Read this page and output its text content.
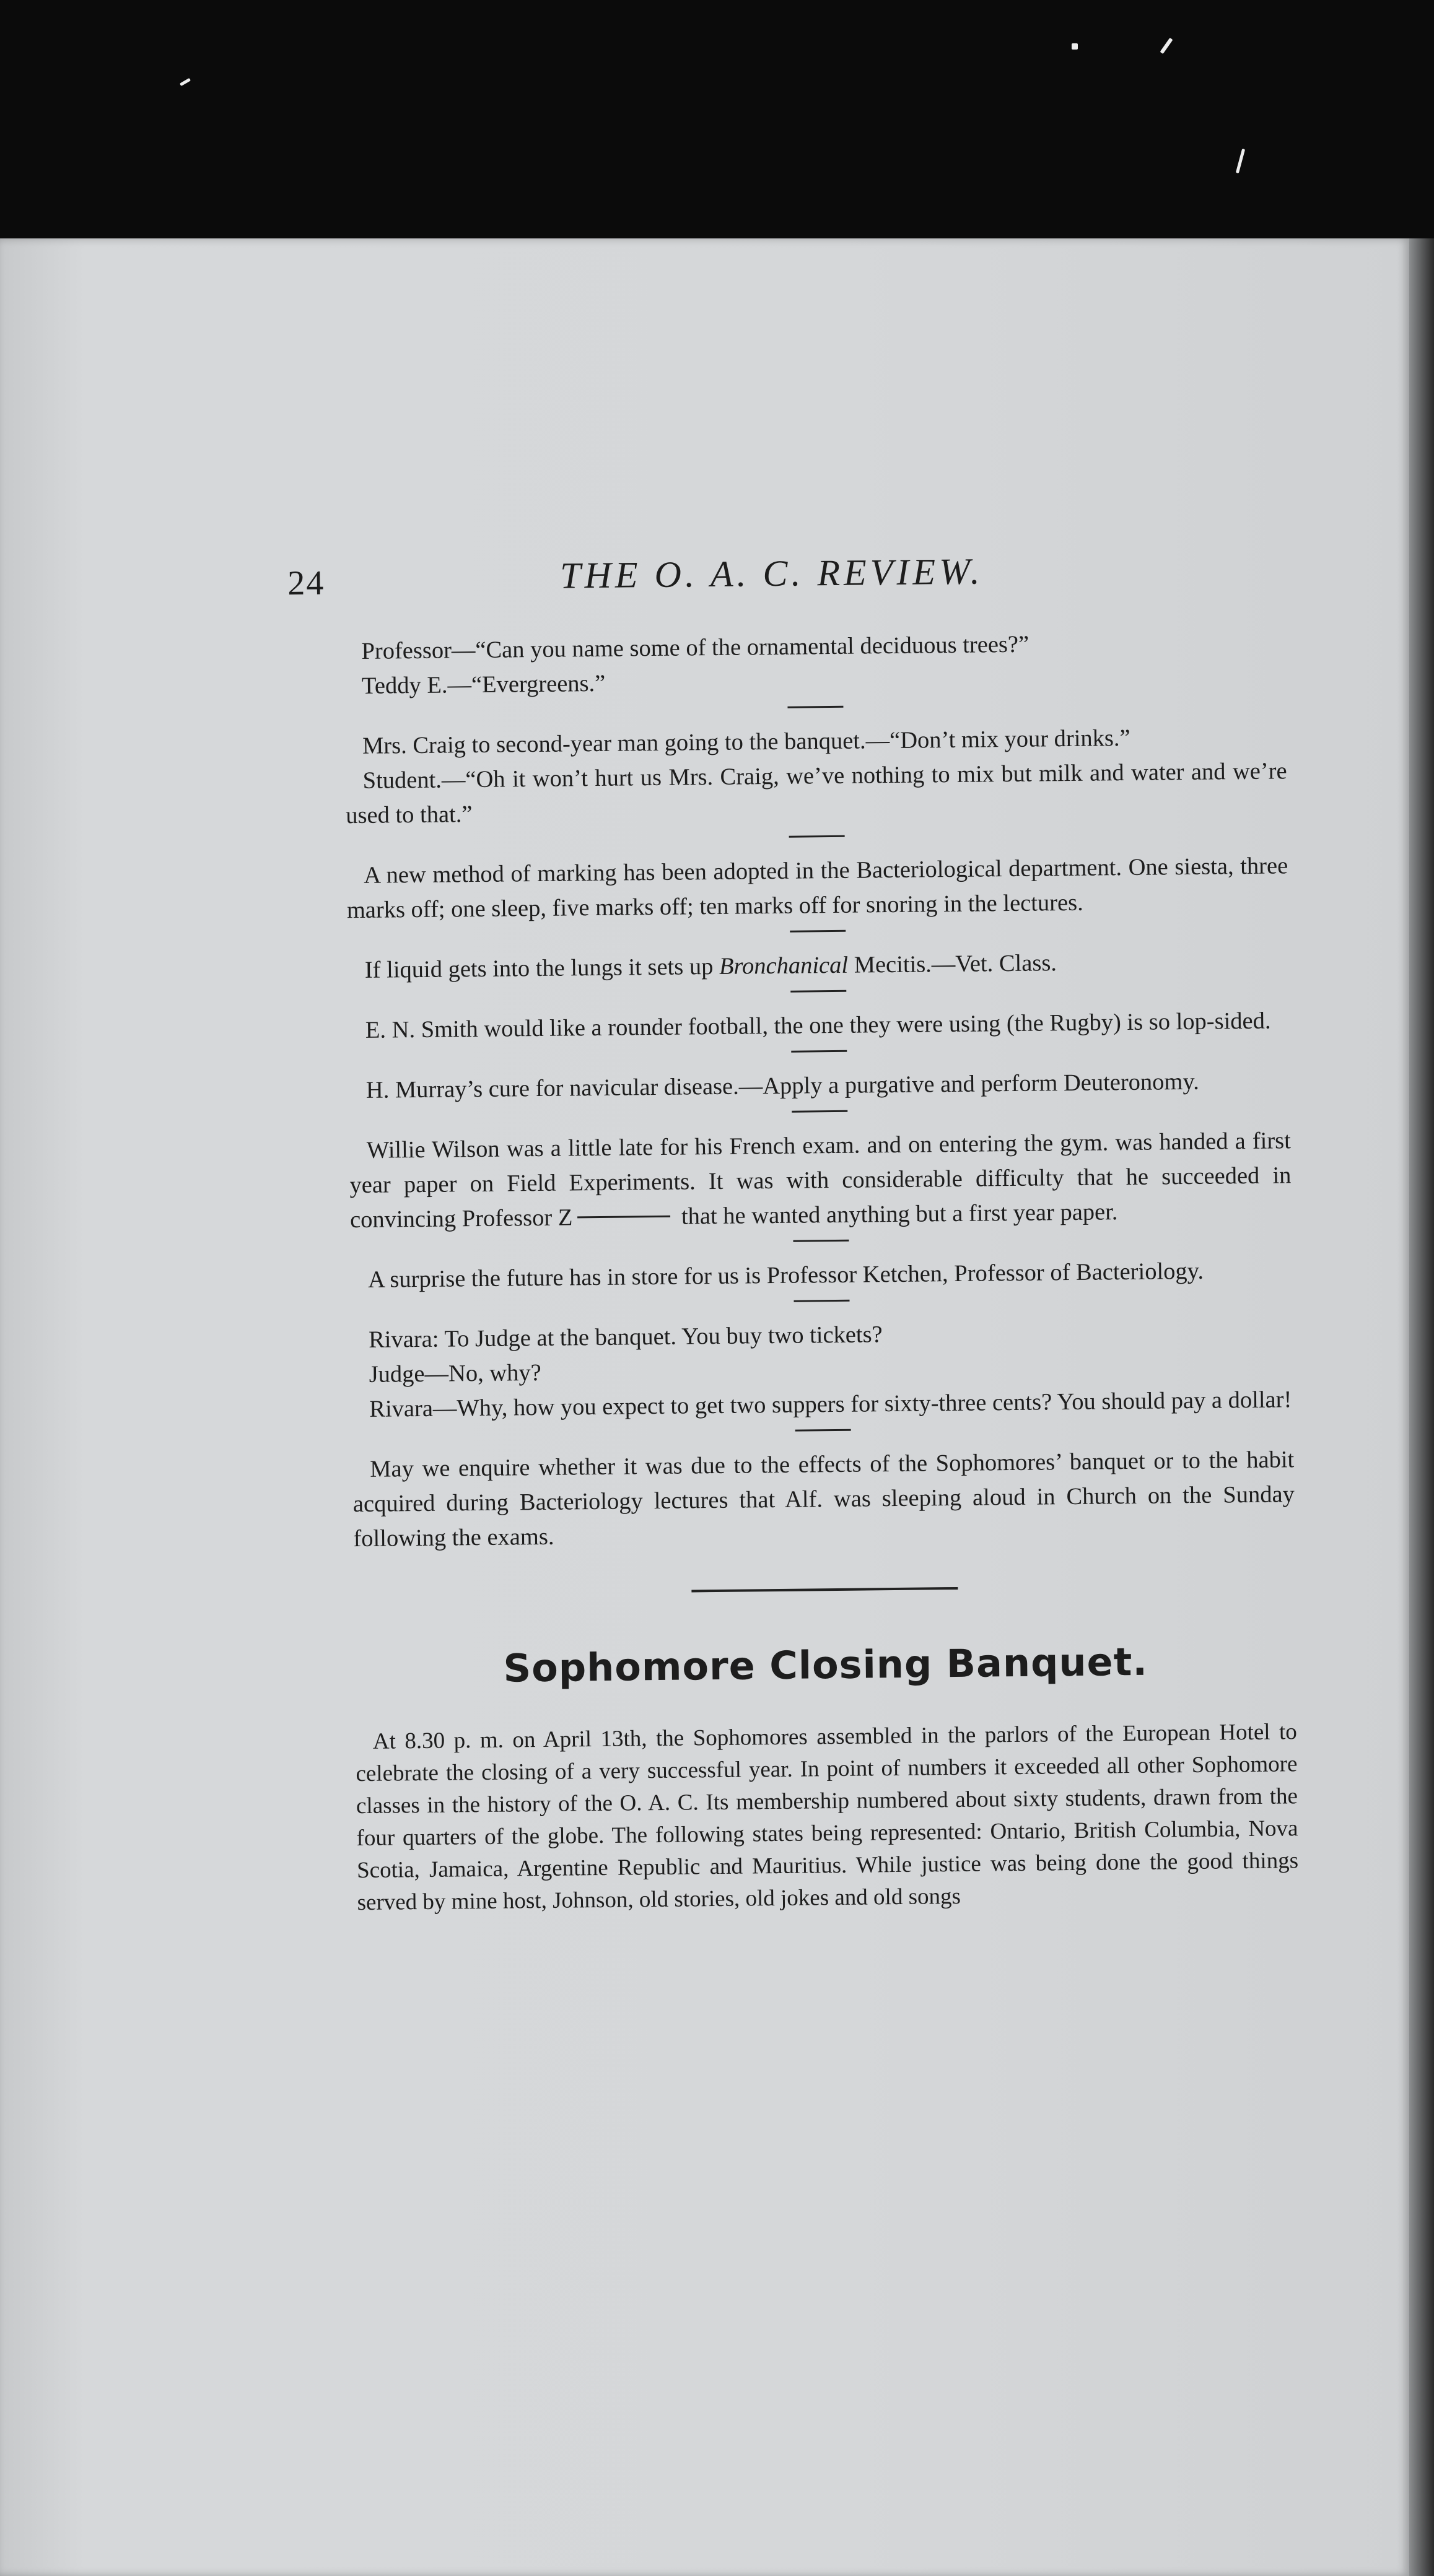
24	THE O. A. C. REVIEW.

Professor—“Can you name some of the ornamental deciduous trees?”

Teddy E.—“Evergreens.”

Mrs. Craig to second-year man going to the banquet.—“Don’t mix your drinks.”

Student.—“Oh it won’t hurt us Mrs. Craig, we’ve nothing to mix but milk and water and we’re used to that.”

A new method of marking has been adopted in the Bacteriological department. One siesta, three marks off; one sleep, five marks off; ten marks off for snoring in the lectures.

If liquid gets into the lungs it sets up Bronchanical Mecitis.—Vet. Class.

E. N. Smith would like a rounder football, the one they were using (the Rugby) is so lop-sided.

H. Murray’s cure for navicular disease.—Apply a purgative and perform Deuteronomy.

Willie Wilson was a little late for his French exam. and on entering the gym. was handed a first year paper on Field Experiments. It was with considerable difficulty that he succeeded in convincing Professor Z	that he wanted anything but a first year paper.

A surprise the future has in store for us is Professor Ketchen, Professor of Bacteriology.

Rivara: To Judge at the banquet. You buy two tickets?

Judge—No, why?

Rivara—Why, how you expect to get two suppers for sixty-three cents? You should pay a dollar!

May we enquire whether it was due to the effects of the Sophomores’ banquet or to the habit acquired during Bacteriology lectures that Alf. was sleeping aloud in Church on the Sunday following the exams.

Sophomore Closing Banquet.

At 8.30 p. m. on April 13th, the Sophomores assembled in the parlors of the European Hotel to celebrate the closing of a very successful year. In point of numbers it exceeded all other Sophomore classes in the history of the O. A. C. Its membership numbered about sixty students, drawn from the four quarters of the globe. The following states being represented: Ontario, British Columbia, Nova Scotia, Jamaica, Argentine Republic and Mauritius. While justice was being done the good things served by mine host, Johnson, old stories, old jokes and old songs
